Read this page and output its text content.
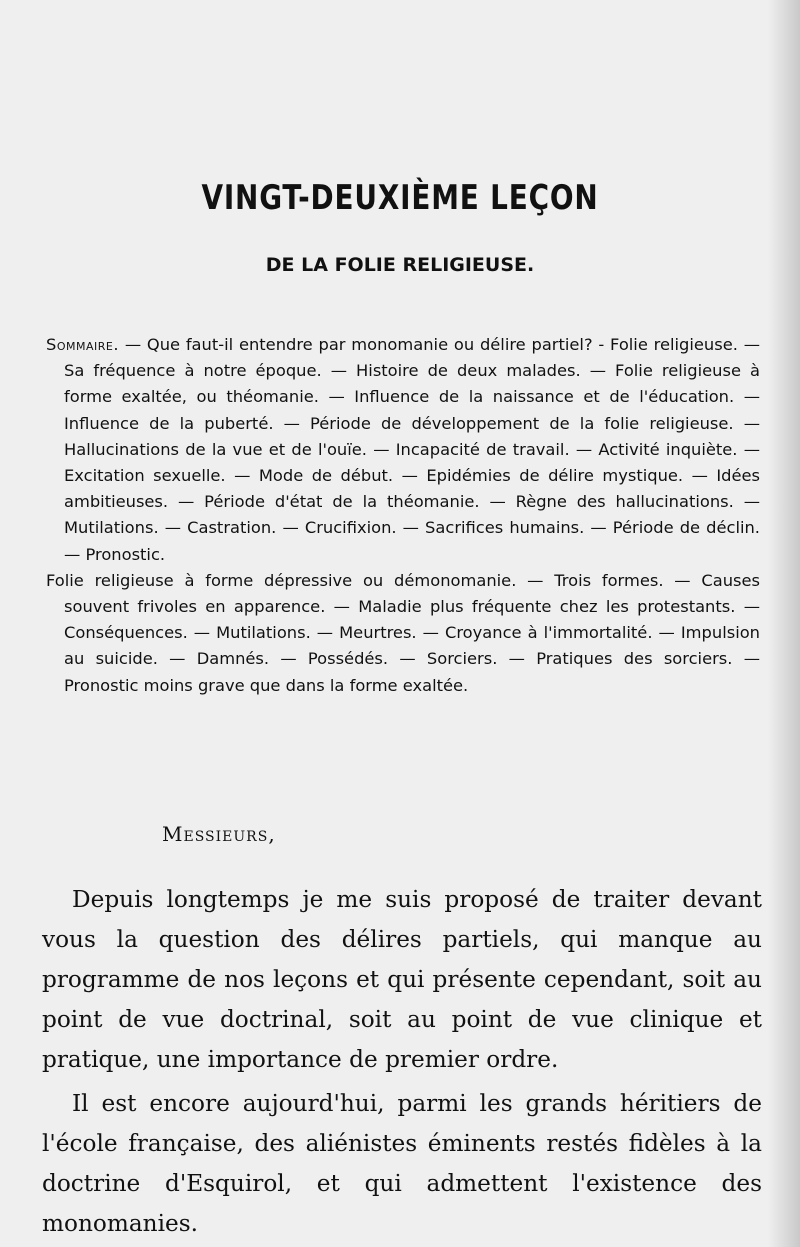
VINGT-DEUXIÈME LEÇON
DE LA FOLIE RELIGIEUSE.

Sommaire. — Que faut-il entendre par monomanie ou délire partiel? - Folie religieuse. — Sa fréquence à notre époque. — Histoire de deux malades. — Folie religieuse à forme exaltée, ou théomanie. — Influence de la naissance et de l'éducation. — Influence de la puberté. — Période de développement de la folie religieuse. — Hallucinations de la vue et de l'ouïe. — Incapacité de travail. — Activité inquiète. — Excitation sexuelle. — Mode de début. — Epidémies de délire mystique. — Idées ambitieuses. — Période d'état de la théomanie. — Règne des hallucinations. — Mutilations. — Castration. — Crucifixion. — Sacrifices humains. — Période de déclin. — Pronostic.

Folie religieuse à forme dépressive ou démonomanie. — Trois formes. — Causes souvent frivoles en apparence. — Maladie plus fréquente chez les protestants. — Conséquences. — Mutilations. — Meurtres. — Croyance à l'immortalité. — Impulsion au suicide. — Damnés. — Possédés. — Sorciers. — Pratiques des sorciers. — Pronostic moins grave que dans la forme exaltée.

Messieurs,

Depuis longtemps je me suis proposé de traiter devant vous la question des délires partiels, qui manque au programme de nos leçons et qui présente cependant, soit au point de vue doctrinal, soit au point de vue clinique et pratique, une importance de premier ordre.

Il est encore aujourd'hui, parmi les grands héritiers de l'école française, des aliénistes éminents restés fidèles à la doctrine d'Esquirol, et qui admettent l'existence des monomanies.
